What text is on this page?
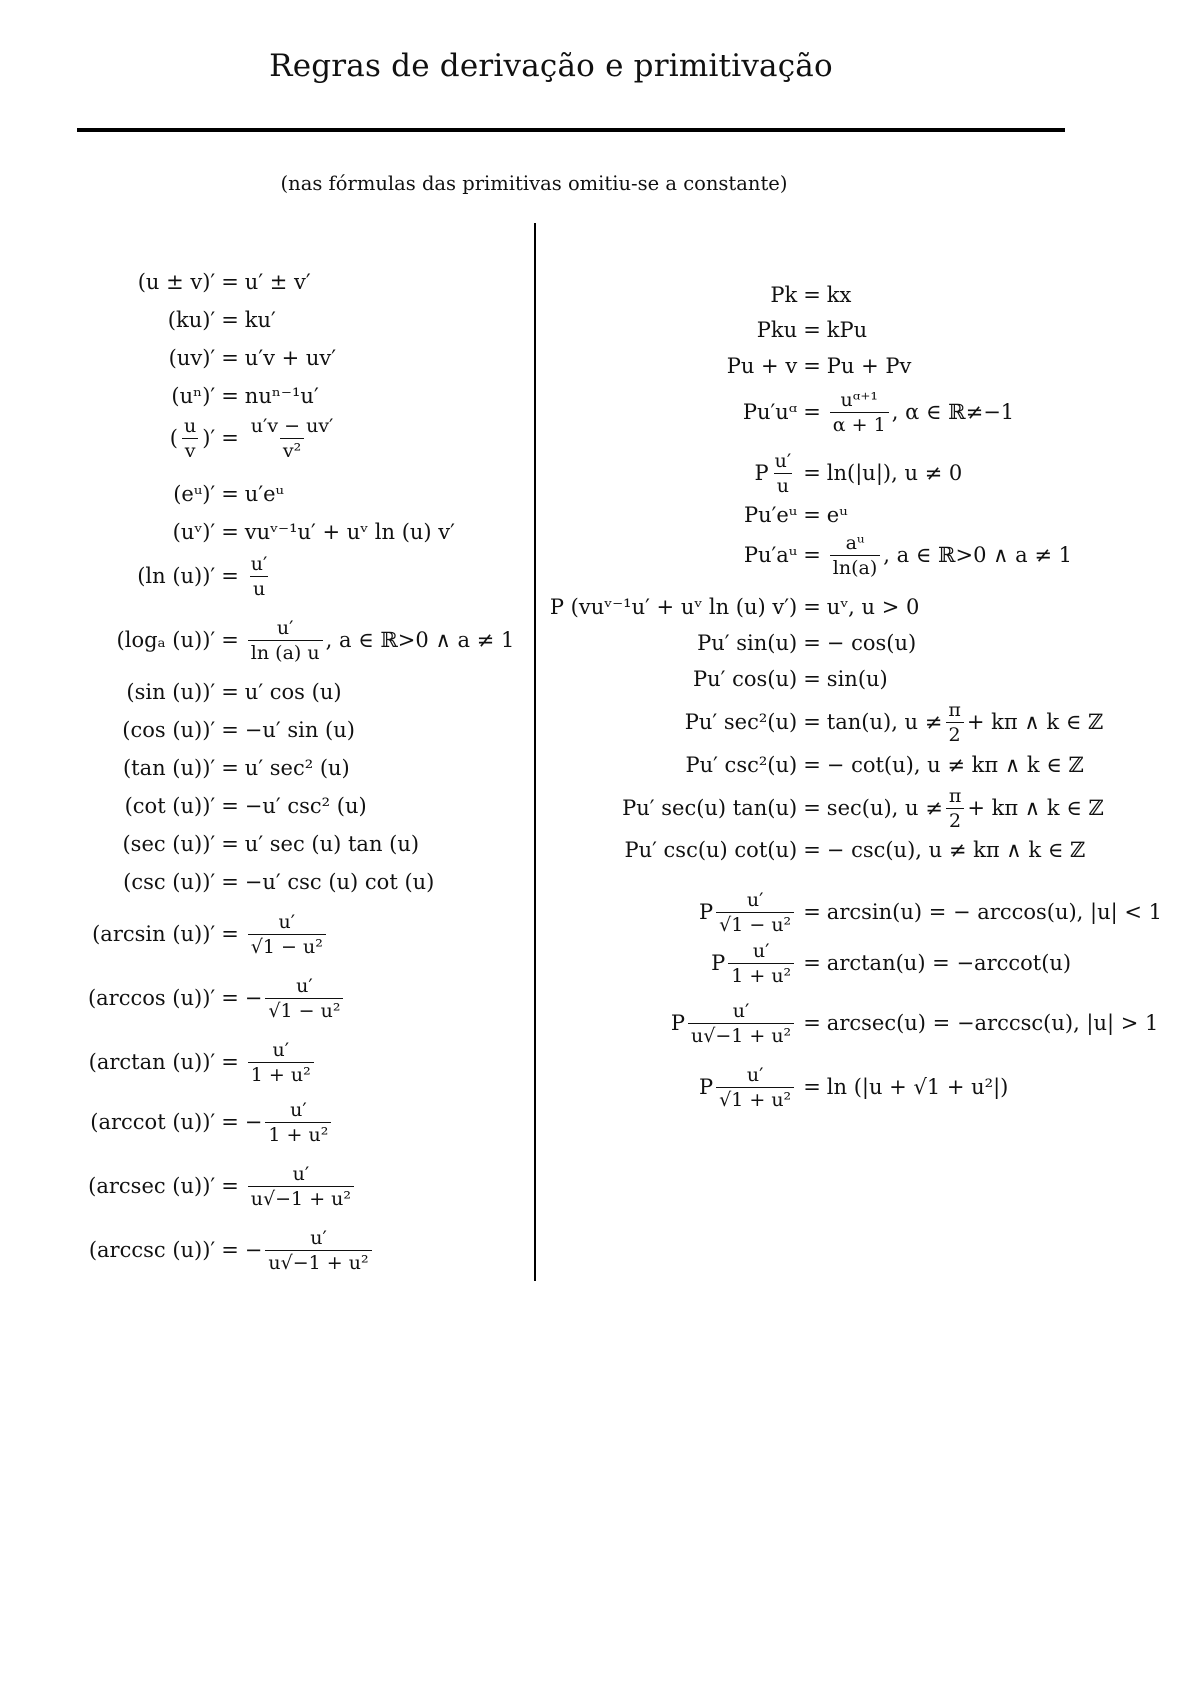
Regras de derivação e primitivação
(nas fórmulas das primitivas omitiu-se a constante)
(u ± v)′ = u′ ± v′
(ku)′ = ku′
(uv)′ = u′v + uv′
(uⁿ)′ = nuⁿ⁻¹u′
( $\frac{u}{v}$ )′ = $\frac{u'v - uv'}{\text{v²}}$
(eᵘ)′ = u′eᵘ
(uᵛ)′ = vuᵛ⁻¹u′ + uᵛ ln (u) v′
(ln $(u))' = \frac{u'}{u}$
(logₐ $(u))' = \frac{u'}{\ln (a) u}$ , a ∈ ℝ>0 ∧ a ≠ 1
(sin (u))′ = u′ cos (u)
(cos (u))′ = −u′ sin (u)
(tan (u))′ = u′ sec² (u)
(cot (u))′ = −u′ csc² (u)
(sec (u))′ = u′ sec (u) tan (u)
(csc (u))′ = −u′ csc (u) cot (u)
(arcsin $(u))' = \frac{u'}{\text{√1 − u²}}$
(arccos (u))′ = − $\frac{u'}{\text{√1 − u²}}$
(arctan $(u))' = \frac{u'}{\text{1 + u²}}$
(arccot (u))′ = − $\frac{u'}{\text{1 + u²}}$
(arcsec $(u))' = \frac{u'}{\text{u√−1 + u²}}$
(arccsc (u))′ = − $\frac{u'}{\text{u√−1 + u²}}$
Pk = kx
Pku = kPu
Pu + v = Pu + Pv
Pu′uᵅ = $\frac{\text{uᵅ⁺¹}}{\alpha + 1}$ , α ∈ ℝ≠−1
P $\frac{u'}{u} = \ln(|u|)$, u ≠ 0
Pu′eᵘ = eᵘ
Pu′aᵘ = $\frac{\text{aᵘ}}{\ln(a)}$ , a ∈ ℝ>0 ∧ a ≠ 1
P (vuᵛ⁻¹u′ + uᵛ ln (u) v′) = uᵛ, u > 0
Pu′ sin(u) = − cos(u)
Pu′ cos(u) = sin(u)
Pu′ sec²(u) = tan(u), $u \ne \frac{\pi}{2} + k\pi$ ∧ k ∈ ℤ
Pu′ csc²(u) = − cot(u), u ≠ kπ ∧ k ∈ ℤ
Pu′ sec(u) tan(u) = sec(u), $u \ne \frac{\pi}{2} + k\pi$ ∧ k ∈ ℤ
Pu′ csc(u) cot(u) = − csc(u), u ≠ kπ ∧ k ∈ ℤ
P $\frac{u'}{\text{√1 − u²}} = \arcsin(u)$ = − arccos(u), |u| < 1
P $\frac{u'}{\text{1 + u²}} = \arctan(u) = -arccot(u)$
P $\frac{u'}{\text{u√−1 + u²}} = arcsec(u) = -arccsc(u)$, |u| > 1
P $\frac{u'}{\text{√1 + u²}} = \ln (|u + √1 + u^2|)$
